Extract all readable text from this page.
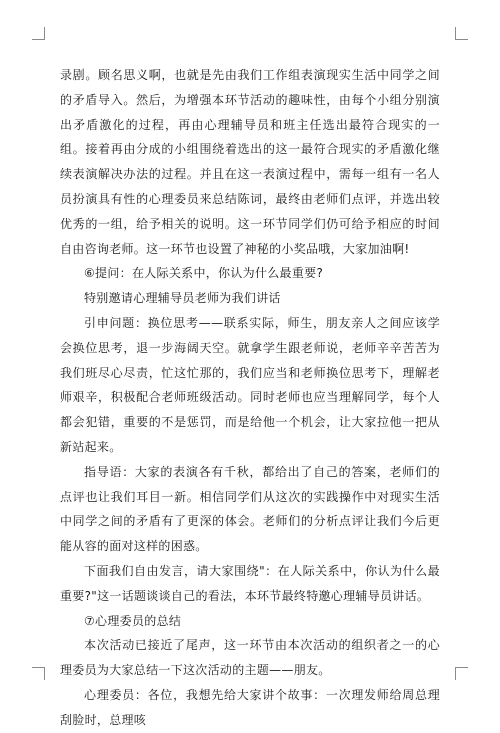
录剧。顾名思义啊，也就是先由我们工作组表演现实生活中同学之间的矛盾导入。然后，为增强本环节活动的趣味性，由每个小组分别演出矛盾激化的过程，再由心理辅导员和班主任选出最符合现实的一组。接着再由分成的小组围绕着选出的这一最符合现实的矛盾激化继续表演解决办法的过程。并且在这一表演过程中，需每一组有一名人员扮演具有性的心理委员来总结陈词，最终由老师们点评，并选出较优秀的一组，给予相关的说明。这一环节同学们仍可给予相应的时间自由咨询老师。这一环节也设置了神秘的小奖品哦，大家加油啊!

⑥提问：在人际关系中，你认为什么最重要?

特别邀请心理辅导员老师为我们讲话

引申问题：换位思考——联系实际，师生，朋友亲人之间应该学会换位思考，退一步海阔天空。就拿学生跟老师说，老师辛辛苦苦为我们班尽心尽责，忙这忙那的，我们应当和老师换位思考下，理解老师艰辛，积极配合老师班级活动。同时老师也应当理解同学，每个人都会犯错，重要的不是惩罚，而是给他一个机会，让大家拉他一把从新站起来。

指导语：大家的表演各有千秋，都给出了自己的答案，老师们的点评也让我们耳目一新。相信同学们从这次的实践操作中对现实生活中同学之间的矛盾有了更深的体会。老师们的分析点评让我们今后更能从容的面对这样的困惑。

下面我们自由发言，请大家围绕"：在人际关系中，你认为什么最重要?"这一话题谈谈自己的看法，本环节最终特邀心理辅导员讲话。

⑦心理委员的总结

本次活动已接近了尾声，这一环节由本次活动的组织者之一的心理委员为大家总结一下这次活动的主题——朋友。

心理委员：各位，我想先给大家讲个故事：一次理发师给周总理刮脸时，总理咳
